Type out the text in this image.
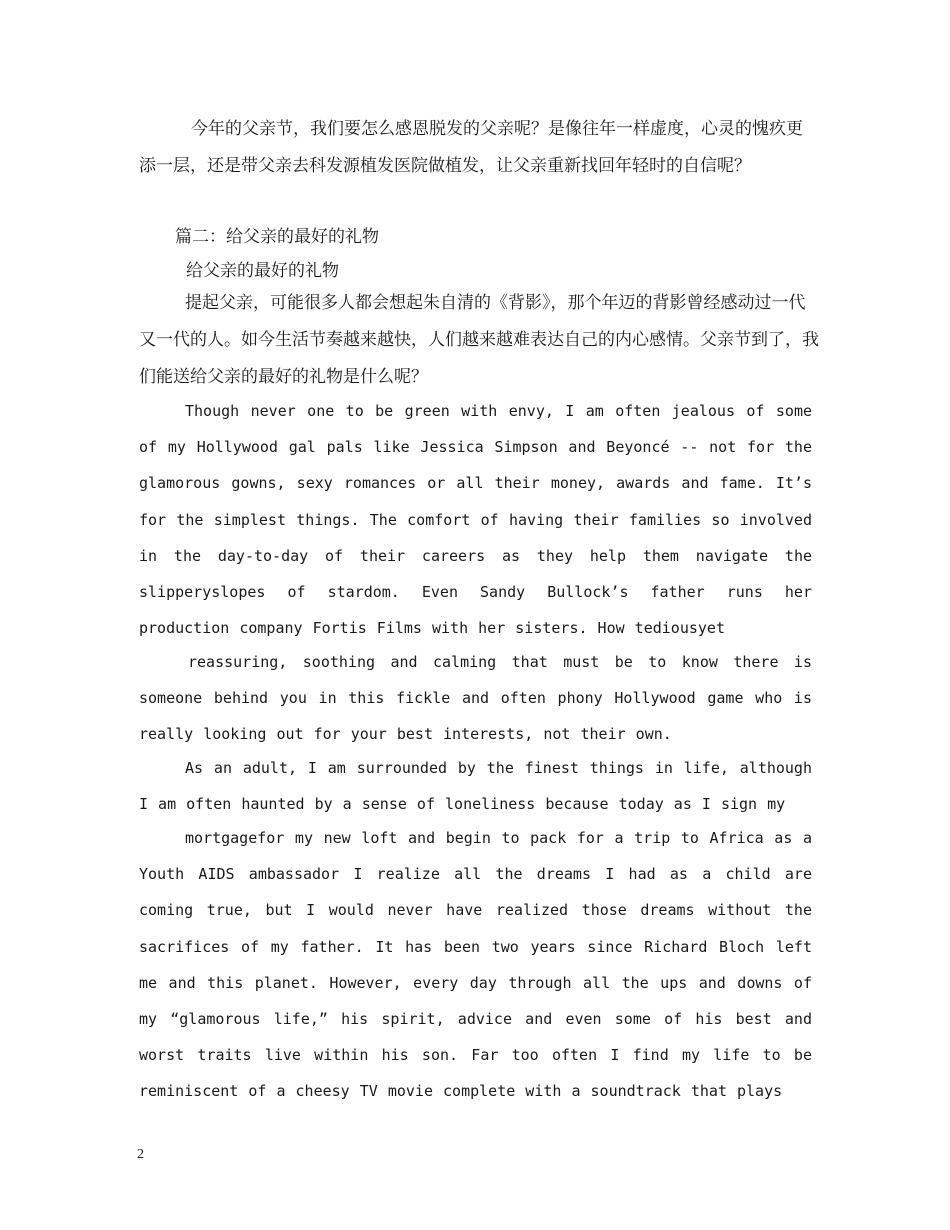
今年的父亲节，我们要怎么感恩脱发的父亲呢？是像往年一样虚度，心灵的愧疚更添一层，还是带父亲去科发源植发医院做植发，让父亲重新找回年轻时的自信呢？

篇二：给父亲的最好的礼物

给父亲的最好的礼物

提起父亲，可能很多人都会想起朱自清的《背影》，那个年迈的背影曾经感动过一代又一代的人。如今生活节奏越来越快，人们越来越难表达自己的内心感情。父亲节到了，我们能送给父亲的最好的礼物是什么呢？

Though never one to be green with envy, I am often jealous of some of my Hollywood gal pals like Jessica Simpson and Beyoncé -- not for the glamorous gowns, sexy romances or all their money, awards and fame. It’s for the simplest things. The comfort of having their families so involved in the day-to-day of their careers as they help them navigate the slipperyslopes of stardom. Even Sandy Bullock’s father runs her production company Fortis Films with her sisters. How tediousyet

reassuring, soothing and calming that must be to know there is someone behind you in this fickle and often phony Hollywood game who is really looking out for your best interests, not their own.

As an adult, I am surrounded by the finest things in life, although I am often haunted by a sense of loneliness because today as I sign my

mortgagefor my new loft and begin to pack for a trip to Africa as a Youth AIDS ambassador I realize all the dreams I had as a child are coming true, but I would never have realized those dreams without the sacrifices of my father. It has been two years since Richard Bloch left me and this planet. However, every day through all the ups and downs of my “glamorous life,” his spirit, advice and even some of his best and worst traits live within his son. Far too often I find my life to be reminiscent of a cheesy TV movie complete with a soundtrack that plays

2
